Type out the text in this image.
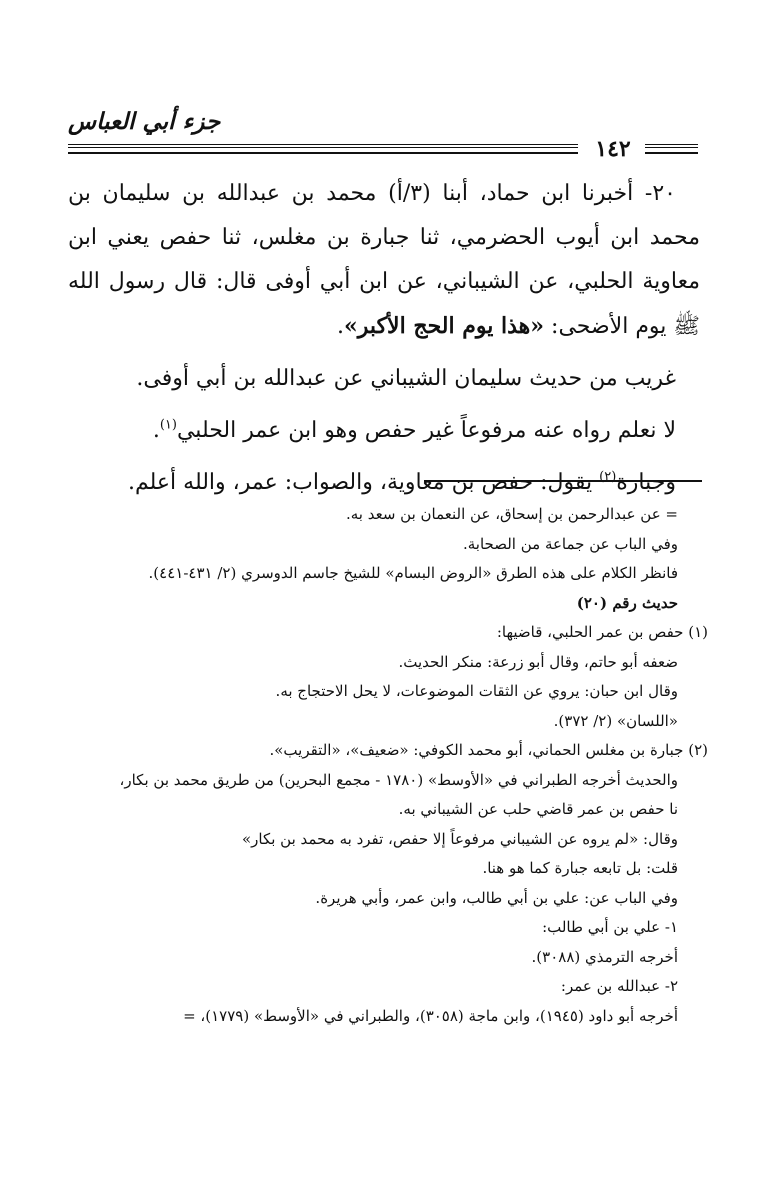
جزء أبي العباس
١٤٢

٢٠- أخبرنا ابن حماد، أبنا (٣/أ) محمد بن عبدالله بن سليمان بن محمد ابن أيوب الحضرمي، ثنا جبارة بن مغلس، ثنا حفص يعني ابن معاوية الحلبي، عن الشيباني، عن ابن أبي أوفى قال: قال رسول الله ﷺ يوم الأضحى: «هذا يوم الحج الأكبر».

غريب من حديث سليمان الشيباني عن عبدالله بن أبي أوفى.

لا نعلم رواه عنه مرفوعاً غير حفص وهو ابن عمر الحلبي$^{(١)}$.

وجبارة$^{(٢)}$ يقول: حفص بن معاوية، والصواب: عمر، والله أعلم.

= عن عبدالرحمن بن إسحاق، عن النعمان بن سعد به.

وفي الباب عن جماعة من الصحابة.

فانظر الكلام على هذه الطرق «الروض البسام» للشيخ جاسم الدوسري (٢/ ٤٣١-٤٤١).

حديث رقم (٢٠)

(١) حفص بن عمر الحلبي، قاضيها:

ضعفه أبو حاتم، وقال أبو زرعة: منكر الحديث.

وقال ابن حبان: يروي عن الثقات الموضوعات، لا يحل الاحتجاج به.

«اللسان» (٢/ ٣٧٢).

(٢) جبارة بن مغلس الحماني، أبو محمد الكوفي: «ضعيف»، «التقريب».

والحديث أخرجه الطبراني في «الأوسط» (١٧٨٠ - مجمع البحرين) من طريق محمد بن بكار،

نا حفص بن عمر قاضي حلب عن الشيباني به.

وقال: «لم يروه عن الشيباني مرفوعاً إلا حفص، تفرد به محمد بن بكار»

قلت: بل تابعه جبارة كما هو هنا.

وفي الباب عن: علي بن أبي طالب، وابن عمر، وأبي هريرة.

١- علي بن أبي طالب:

أخرجه الترمذي (٣٠٨٨).

٢- عبدالله بن عمر:

أخرجه أبو داود (١٩٤٥)، وابن ماجة (٣٠٥٨)، والطبراني في «الأوسط» (١٧٧٩)، =
